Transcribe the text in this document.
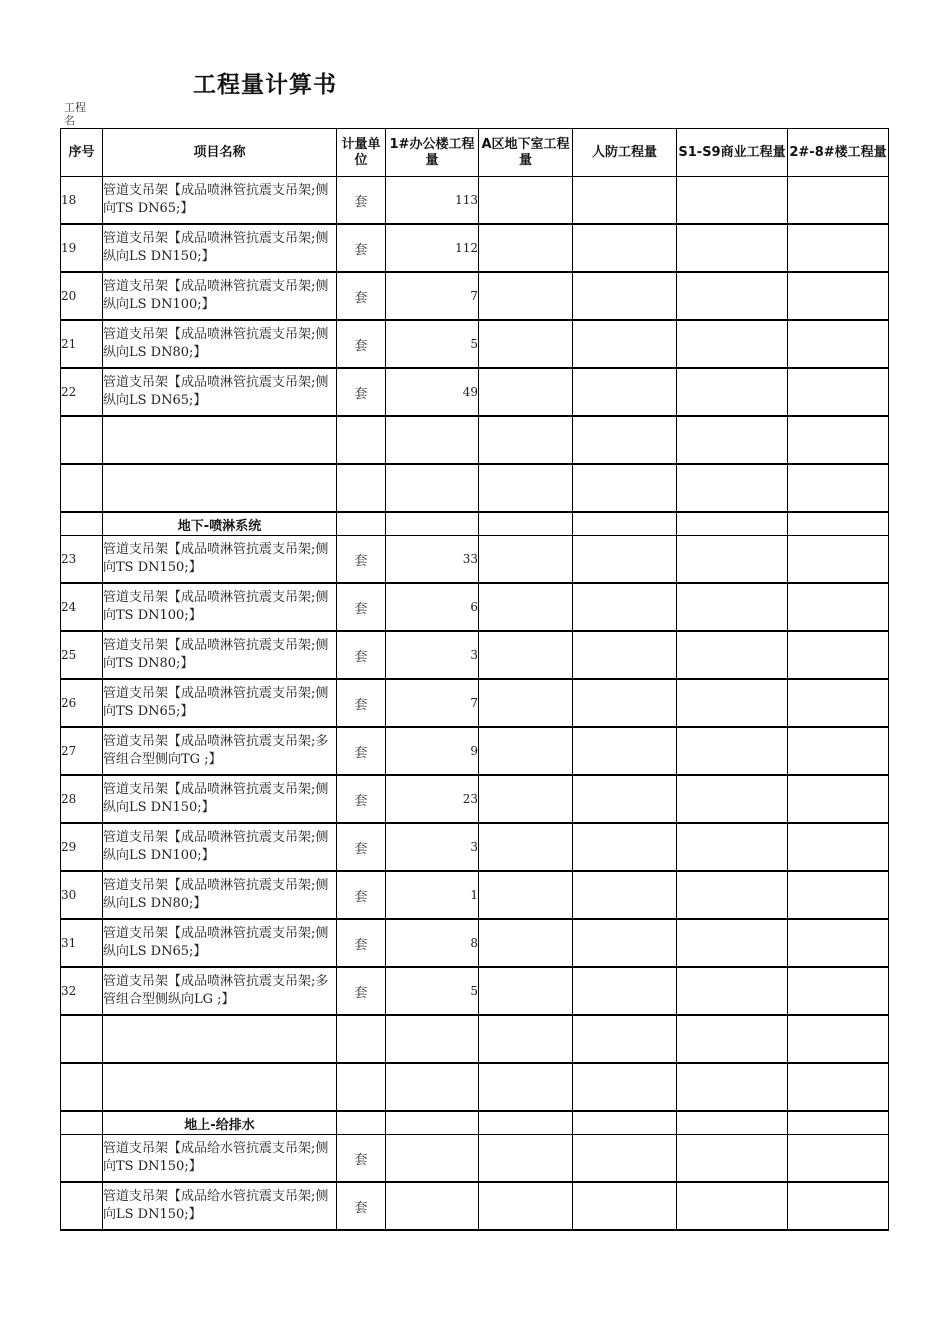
工程量计算书
工程名
序号	项目名称	计量单位	1#办公楼工程量	A区地下室工程量	人防工程量	S1-S9商业工程量	2#-8#楼工程量
18	管道支吊架【成品喷淋管抗震支吊架;侧向TS DN65;】	套	113				
19	管道支吊架【成品喷淋管抗震支吊架;侧纵向LS DN150;】	套	112				
20	管道支吊架【成品喷淋管抗震支吊架;侧纵向LS DN100;】	套	7				
21	管道支吊架【成品喷淋管抗震支吊架;侧纵向LS DN80;】	套	5				
22	管道支吊架【成品喷淋管抗震支吊架;侧纵向LS DN65;】	套	49				

	地下-喷淋系统						
23	管道支吊架【成品喷淋管抗震支吊架;侧向TS DN150;】	套	33				
24	管道支吊架【成品喷淋管抗震支吊架;侧向TS DN100;】	套	6				
25	管道支吊架【成品喷淋管抗震支吊架;侧向TS DN80;】	套	3				
26	管道支吊架【成品喷淋管抗震支吊架;侧向TS DN65;】	套	7				
27	管道支吊架【成品喷淋管抗震支吊架;多管组合型侧向TG ;】	套	9				
28	管道支吊架【成品喷淋管抗震支吊架;侧纵向LS DN150;】	套	23				
29	管道支吊架【成品喷淋管抗震支吊架;侧纵向LS DN100;】	套	3				
30	管道支吊架【成品喷淋管抗震支吊架;侧纵向LS DN80;】	套	1				
31	管道支吊架【成品喷淋管抗震支吊架;侧纵向LS DN65;】	套	8				
32	管道支吊架【成品喷淋管抗震支吊架;多管组合型侧纵向LG ;】	套	5				

	地上-给排水						
	管道支吊架【成品给水管抗震支吊架;侧向TS DN150;】	套					
	管道支吊架【成品给水管抗震支吊架;侧向LS DN150;】	套					
